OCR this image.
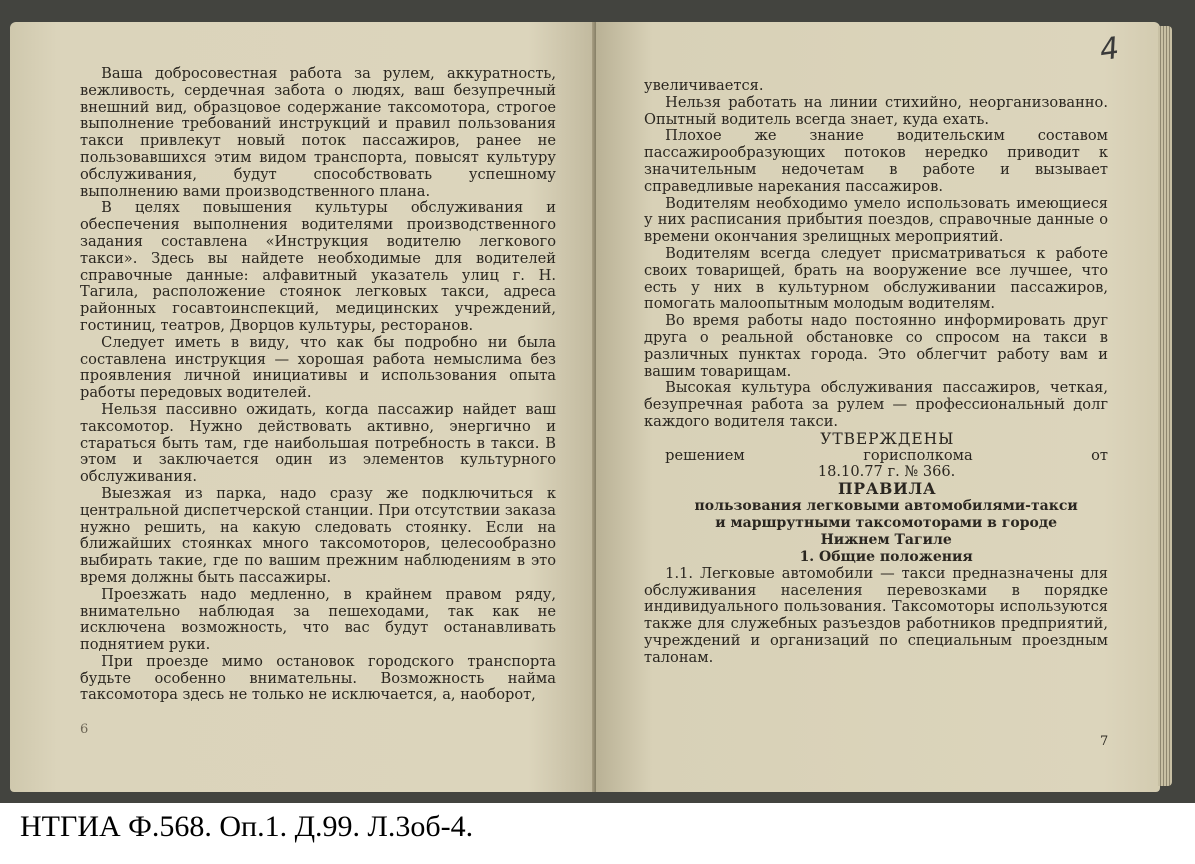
Ваша добросовестная работа за рулем, аккуратность, вежливость, сердечная забота о людях, ваш безупречный внешний вид, образцовое содержание таксомотора, строгое выполнение требований инструкций и правил пользования такси привлекут новый поток пассажиров, ранее не пользовавшихся этим видом транспорта, повысят культуру обслуживания, будут способствовать успешному выполнению вами производственного плана.

В целях повышения культуры обслуживания и обеспечения выполнения водителями производственного задания составлена «Инструкция водителю легкового такси». Здесь вы найдете необходимые для водителей справочные данные: алфавитный указатель улиц г. Н. Тагила, расположение стоянок легковых такси, адреса районных госавтоинспекций, медицинских учреждений, гостиниц, театров, Дворцов культуры, ресторанов.

Следует иметь в виду, что как бы подробно ни была составлена инструкция — хорошая работа немыслима без проявления личной инициативы и использования опыта работы передовых водителей.

Нельзя пассивно ожидать, когда пассажир найдет ваш таксомотор. Нужно действовать активно, энергично и стараться быть там, где наибольшая потребность в такси. В этом и заключается один из элементов культурного обслуживания.

Выезжая из парка, надо сразу же подключиться к центральной диспетчерской станции. При отсутствии заказа нужно решить, на какую следовать стоянку. Если на ближайших стоянках много таксомоторов, целесообразно выбирать такие, где по вашим прежним наблюдениям в это время должны быть пассажиры.

Проезжать надо медленно, в крайнем правом ряду, внимательно наблюдая за пешеходами, так как не исключена возможность, что вас будут останавливать поднятием руки.

При проезде мимо остановок городского транспорта будьте особенно внимательны. Возможность найма таксомотора здесь не только не исключается, а, наоборот,

6
4

увеличивается.

Нельзя работать на линии стихийно, неорганизованно. Опытный водитель всегда знает, куда ехать.

Плохое же знание водительским составом пассажирообразующих потоков нередко приводит к значительным недочетам в работе и вызывает справедливые нарекания пассажиров.

Водителям необходимо умело использовать имеющиеся у них расписания прибытия поездов, справочные данные о времени окончания зрелищных мероприятий.

Водителям всегда следует присматриваться к работе своих товарищей, брать на вооружение все лучшее, что есть у них в культурном обслуживании пассажиров, помогать малоопытным молодым водителям.

Во время работы надо постоянно информировать друг друга о реальной обстановке со спросом на такси в различных пунктах города. Это облегчит работу вам и вашим товарищам.

Высокая культура обслуживания пассажиров, четкая, безупречная работа за рулем — профессиональный долг каждого водителя такси.

УТВЕРЖДЕНЫ

решением горисполкома от

18.10.77 г. № 366.

ПРАВИЛА

пользования легковыми автомобилями-такси

и маршрутными таксомоторами в городе

Нижнем Тагиле

1. Общие положения

1.1. Легковые автомобили — такси предназначены для обслуживания населения перевозками в порядке индивидуального пользования. Таксомоторы используются также для служебных разъездов работников предприятий, учреждений и организаций по специальным проездным талонам.

7
НТГИА Ф.568. Оп.1. Д.99. Л.3об-4.
